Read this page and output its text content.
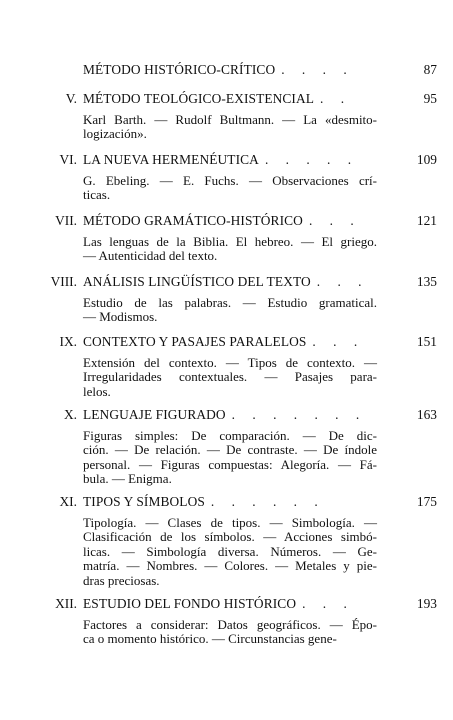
MÉTODO HISTÓRICO-CRÍTICO . . . .	87
V. MÉTODO TEOLÓGICO-EXISTENCIAL . .	95
Karl Barth. — Rudolf Bultmann. — La «desmito-
logización».
VI. LA NUEVA HERMENÉUTICA . . . . .	109
G. Ebeling. — E. Fuchs. — Observaciones crí-
ticas.
VII. MÉTODO GRAMÁTICO-HISTÓRICO . . .	121
Las lenguas de la Biblia. El hebreo. — El griego.
— Autenticidad del texto.
VIII. ANÁLISIS LINGÜÍSTICO DEL TEXTO . . .	135
Estudio de las palabras. — Estudio gramatical.
— Modismos.
IX. CONTEXTO Y PASAJES PARALELOS . . .	151
Extensión del contexto. — Tipos de contexto. —
Irregularidades contextuales. — Pasajes para-
lelos.
X. LENGUAJE FIGURADO . . . . . . .	163
Figuras simples: De comparación. — De dic-
ción. — De relación. — De contraste. — De índole
personal. — Figuras compuestas: Alegoría. — Fá-
bula. — Enigma.
XI. TIPOS Y SÍMBOLOS . . . . . .	175
Tipología. — Clases de tipos. — Simbología. —
Clasificación de los símbolos. — Acciones simbó-
licas. — Simbología diversa. Números. — Ge-
matría. — Nombres. — Colores. — Metales y pie-
dras preciosas.
XII. ESTUDIO DEL FONDO HISTÓRICO . . .	193
Factores a considerar: Datos geográficos. — Épo-
ca o momento histórico. — Circunstancias gene-
